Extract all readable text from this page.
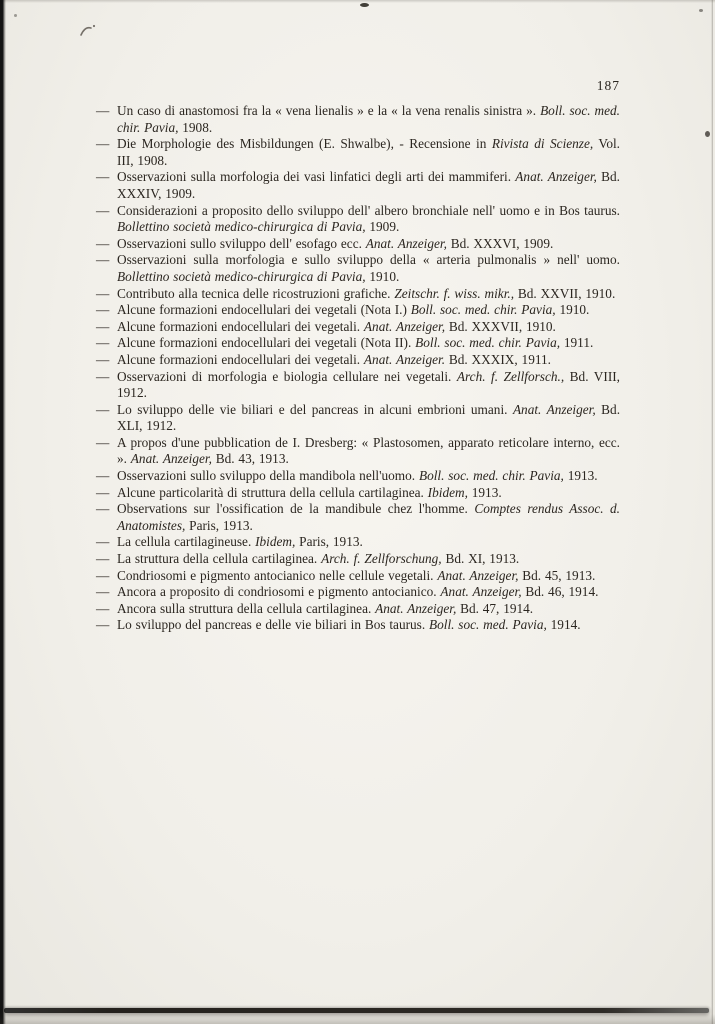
187

— Un caso di anastomosi fra la « vena lienalis » e la « la vena renalis sinistra ». Boll. soc. med. chir. Pavia, 1908.

— Die Morphologie des Misbildungen (E. Shwalbe), - Recensione in Rivista di Scienze, Vol. III, 1908.

— Osservazioni sulla morfologia dei vasi linfatici degli arti dei mammiferi. Anat. Anzeiger, Bd. XXXIV, 1909.

— Considerazioni a proposito dello sviluppo dell' albero bronchiale nell' uomo e in Bos taurus. Bollettino società medico-chirurgica di Pavia, 1909.

— Osservazioni sullo sviluppo dell' esofago ecc. Anat. Anzeiger, Bd. XXXVI, 1909.

— Osservazioni sulla morfologia e sullo sviluppo della « arteria pulmonalis » nell' uomo. Bollettino società medico-chirurgica di Pavia, 1910.

— Contributo alla tecnica delle ricostruzioni grafiche. Zeitschr. f. wiss. mikr., Bd. XXVII, 1910.

— Alcune formazioni endocellulari dei vegetali (Nota I.) Boll. soc. med. chir. Pavia, 1910.

— Alcune formazioni endocellulari dei vegetali. Anat. Anzeiger, Bd. XXXVII, 1910.

— Alcune formazioni endocellulari dei vegetali (Nota II). Boll. soc. med. chir. Pavia, 1911.

— Alcune formazioni endocellulari dei vegetali. Anat. Anzeiger. Bd. XXXIX, 1911.

— Osservazioni di morfologia e biologia cellulare nei vegetali. Arch. f. Zellforsch., Bd. VIII, 1912.

— Lo sviluppo delle vie biliari e del pancreas in alcuni embrioni umani. Anat. Anzeiger, Bd. XLI, 1912.

— A propos d'une pubblication de I. Dresberg: « Plastosomen, apparato reticolare interno, ecc. ». Anat. Anzeiger, Bd. 43, 1913.

— Osservazioni sullo sviluppo della mandibola nell'uomo. Boll. soc. med. chir. Pavia, 1913.

— Alcune particolarità di struttura della cellula cartilaginea. Ibidem, 1913.

— Observations sur l'ossification de la mandibule chez l'homme. Comptes rendus Assoc. d. Anatomistes, Paris, 1913.

— La cellula cartilagineuse. Ibidem, Paris, 1913.

— La struttura della cellula cartilaginea. Arch. f. Zellforschung, Bd. XI, 1913.

— Condriosomi e pigmento antocianico nelle cellule vegetali. Anat. Anzeiger, Bd. 45, 1913.

— Ancora a proposito di condriosomi e pigmento antocianico. Anat. Anzeiger, Bd. 46, 1914.

— Ancora sulla struttura della cellula cartilaginea. Anat. Anzeiger, Bd. 47, 1914.

— Lo sviluppo del pancreas e delle vie biliari in Bos taurus. Boll. soc. med. Pavia, 1914.
